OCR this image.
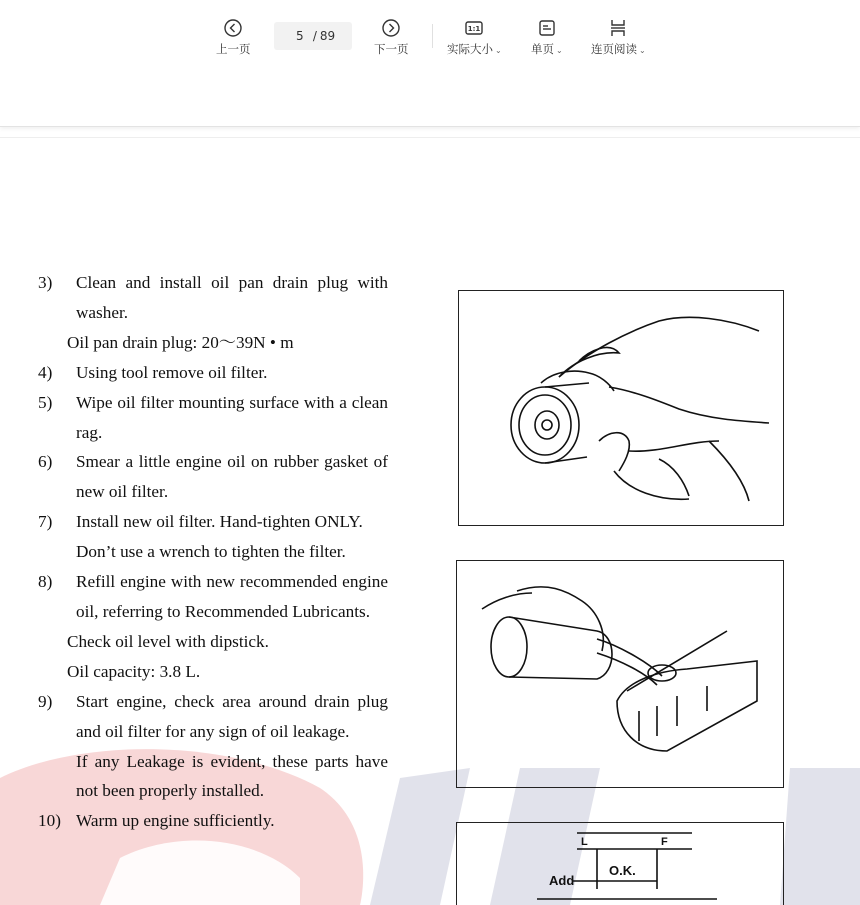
上一页
5
/ 89
下一页
1:1
实际大小 ⌄	单页 ⌄ 连页阅读 ⌄
3)	Clean and install oil pan drain plug with washer.
Oil pan drain plug: 20～39N • m
4)	Using tool remove oil filter.
5)	Wipe oil filter mounting surface with a clean rag.
6)	Smear a little engine oil on rubber gasket of new oil filter.
7)	Install new oil filter. Hand-tighten ONLY.
Don’t use a wrench to tighten the filter.
8)	Refill engine with new recommended engine oil, referring to Recommended Lubricants.
Check oil level with dipstick.
Oil capacity: 3.8 L.
9)	Start engine, check area around drain plug and oil filter for any sign of oil leakage.
If any Leakage is evident, these parts have not been properly installed.
10) Warm up engine sufficiently.
Add
O.K.
L	F
